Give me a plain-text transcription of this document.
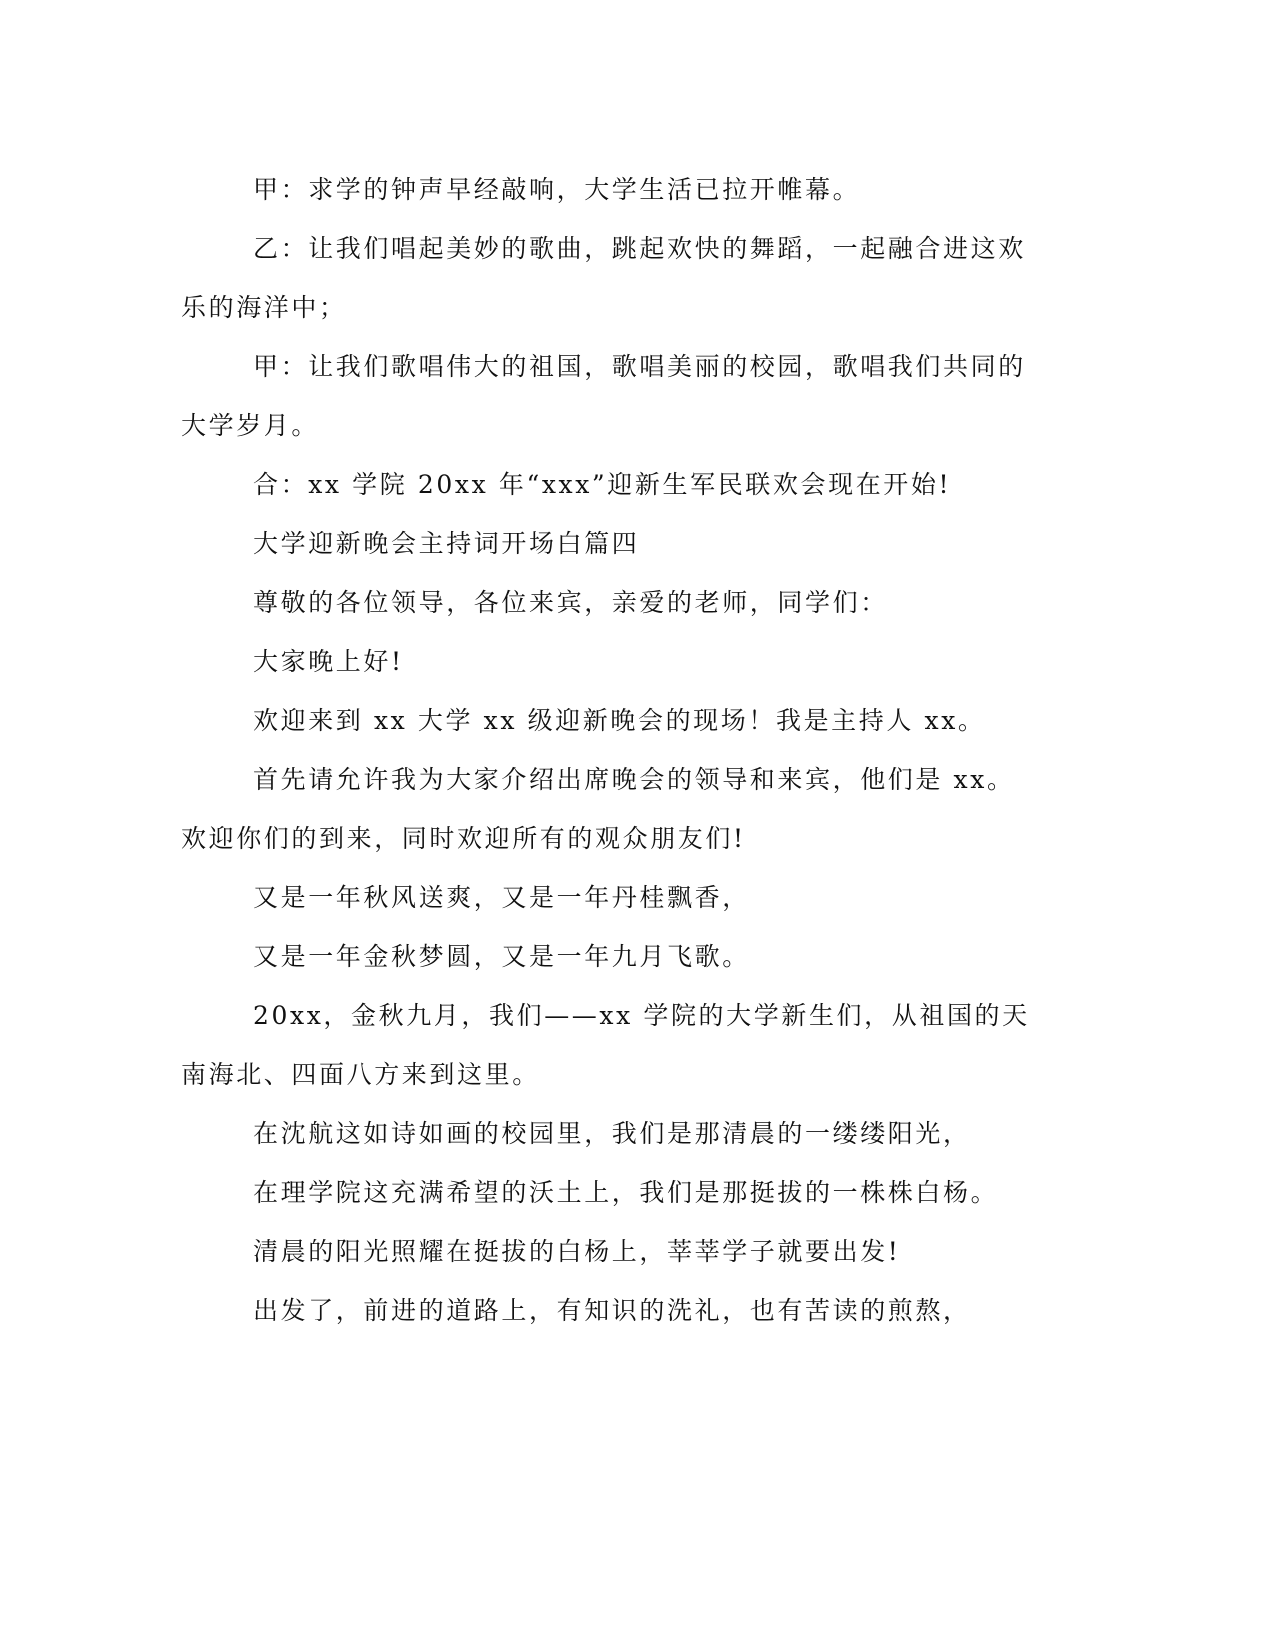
甲：求学的钟声早经敲响，大学生活已拉开帷幕。

乙：让我们唱起美妙的歌曲，跳起欢快的舞蹈，一起融合进这欢乐的海洋中；

甲：让我们歌唱伟大的祖国，歌唱美丽的校园，歌唱我们共同的大学岁月。

合：xx 学院 20xx 年“xxx”迎新生军民联欢会现在开始!

大学迎新晚会主持词开场白篇四

尊敬的各位领导，各位来宾，亲爱的老师，同学们：

大家晚上好!

欢迎来到 xx 大学 xx 级迎新晚会的现场！我是主持人 xx。

首先请允许我为大家介绍出席晚会的领导和来宾，他们是 xx。欢迎你们的到来，同时欢迎所有的观众朋友们!

又是一年秋风送爽，又是一年丹桂飘香，

又是一年金秋梦圆，又是一年九月飞歌。

20xx，金秋九月，我们——xx 学院的大学新生们，从祖国的天南海北、四面八方来到这里。

在沈航这如诗如画的校园里，我们是那清晨的一缕缕阳光，

在理学院这充满希望的沃土上，我们是那挺拔的一株株白杨。

清晨的阳光照耀在挺拔的白杨上，莘莘学子就要出发!

出发了，前进的道路上，有知识的洗礼，也有苦读的煎熬，
